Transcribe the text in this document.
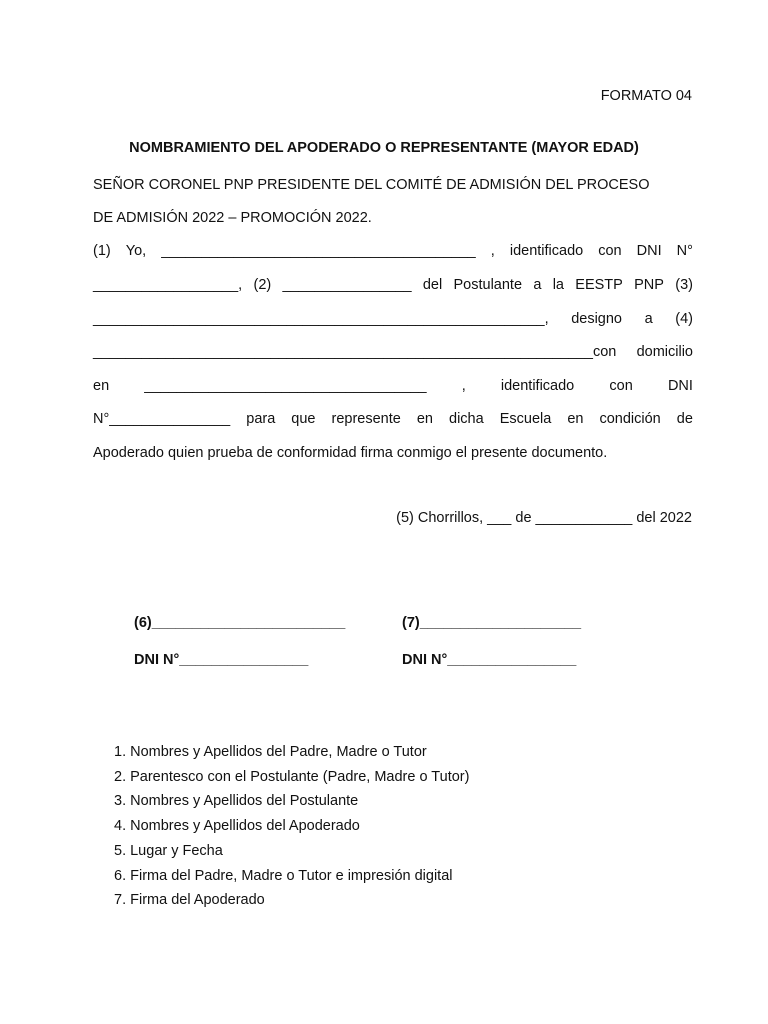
FORMATO 04
NOMBRAMIENTO DEL APODERADO O REPRESENTANTE (MAYOR EDAD)
SEÑOR CORONEL PNP PRESIDENTE DEL COMITÉ DE ADMISIÓN DEL PROCESO
DE ADMISIÓN 2022 – PROMOCIÓN 2022.
(1) Yo, _______________________________________ , identificado con DNI N°
__________________, (2) ________________ del Postulante a la EESTP PNP (3)
________________________________________________________, designo a (4)
______________________________________________________________con domicilio
en ___________________________________ , identificado con DNI
N°_______________ para que represente en dicha Escuela en condición de
Apoderado quien prueba de conformidad firma conmigo el presente documento.
(5) Chorrillos, ___ de ____________ del 2022
(6)________________________	(7)____________________
DNI N°________________	DNI N°________________
1. Nombres y Apellidos del Padre, Madre o Tutor
2. Parentesco con el Postulante (Padre, Madre o Tutor)
3. Nombres y Apellidos del Postulante
4. Nombres y Apellidos del Apoderado
5. Lugar y Fecha
6. Firma del Padre, Madre o Tutor e impresión digital
7. Firma del Apoderado
